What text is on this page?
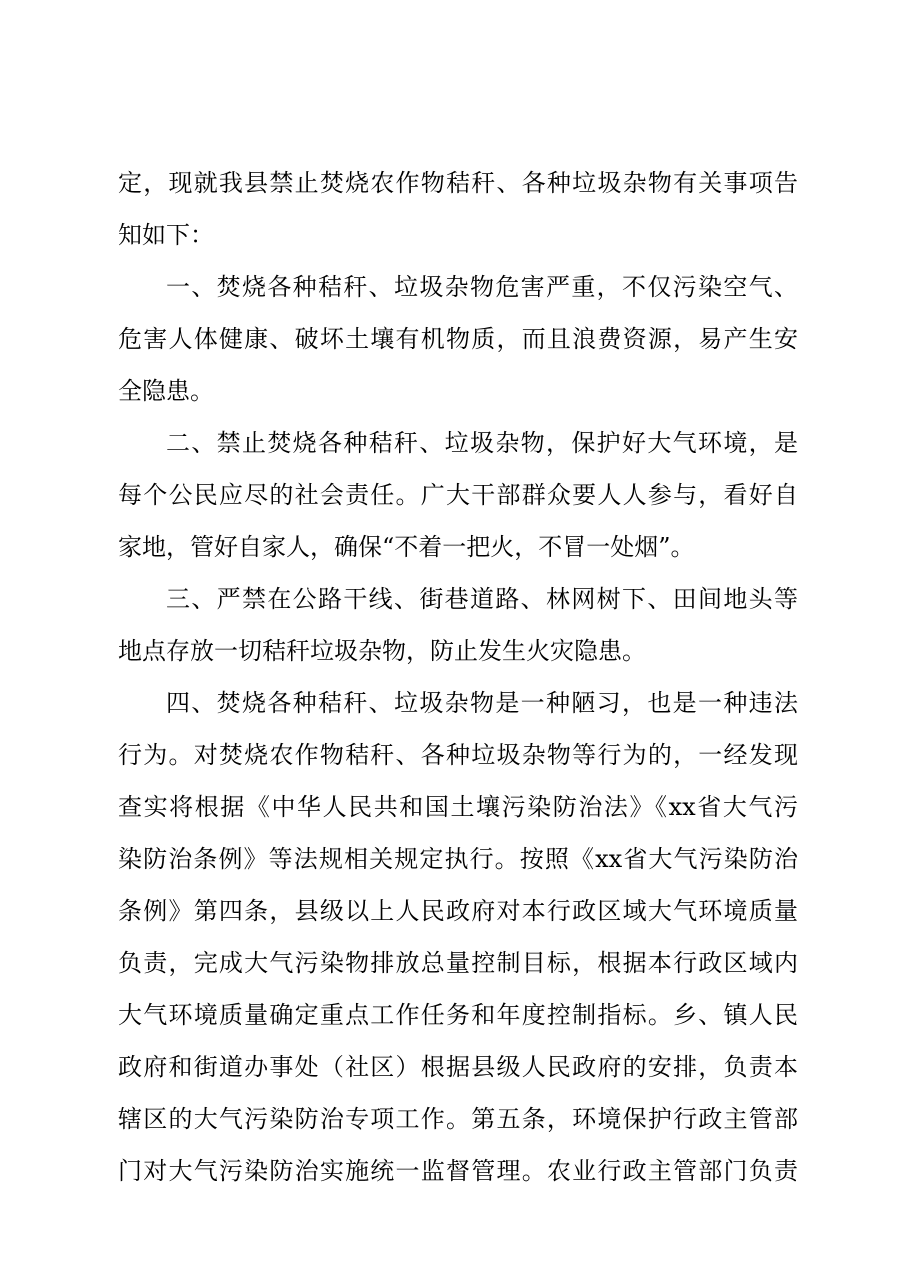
定，现就我县禁止焚烧农作物秸秆、各种垃圾杂物有关事项告
知如下：
一、焚烧各种秸秆、垃圾杂物危害严重，不仅污染空气、
危害人体健康、破坏土壤有机物质，而且浪费资源，易产生安
全隐患。
二、禁止焚烧各种秸秆、垃圾杂物，保护好大气环境，是
每个公民应尽的社会责任。广大干部群众要人人参与，看好自
家地，管好自家人，确保“不着一把火，不冒一处烟”。
三、严禁在公路干线、街巷道路、林网树下、田间地头等
地点存放一切秸秆垃圾杂物，防止发生火灾隐患。
四、焚烧各种秸秆、垃圾杂物是一种陋习，也是一种违法
行为。对焚烧农作物秸秆、各种垃圾杂物等行为的，一经发现
查实将根据《中华人民共和国土壤污染防治法》《xx省大气污
染防治条例》等法规相关规定执行。按照《xx省大气污染防治
条例》第四条，县级以上人民政府对本行政区域大气环境质量
负责，完成大气污染物排放总量控制目标，根据本行政区域内
大气环境质量确定重点工作任务和年度控制指标。乡、镇人民
政府和街道办事处（社区）根据县级人民政府的安排，负责本
辖区的大气污染防治专项工作。第五条，环境保护行政主管部
门对大气污染防治实施统一监督管理。农业行政主管部门负责
